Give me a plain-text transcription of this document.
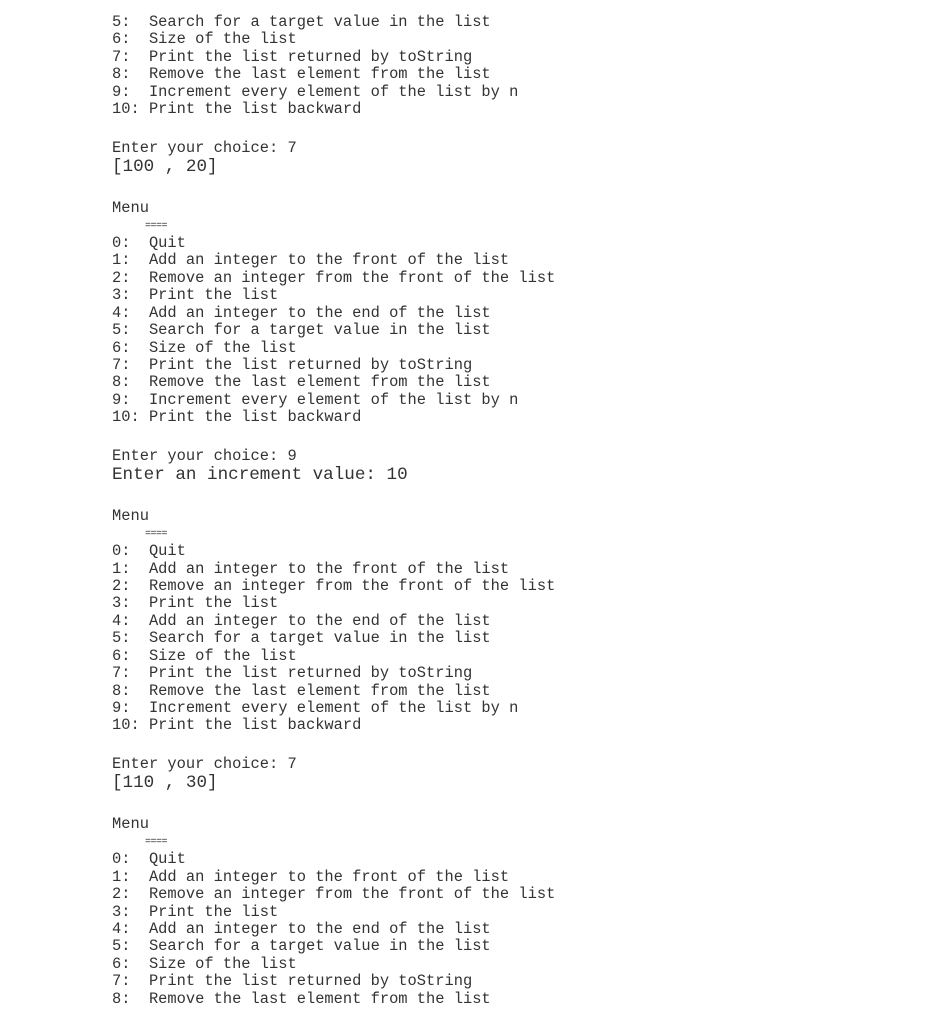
5:  Search for a target value in the list
6:  Size of the list
7:  Print the list returned by toString
8:  Remove the last element from the list
9:  Increment every element of the list by n
10: Print the list backward
Enter your choice: 7
[100 , 20]
Menu
====
0:  Quit
1:  Add an integer to the front of the list
2:  Remove an integer from the front of the list
3:  Print the list
4:  Add an integer to the end of the list
5:  Search for a target value in the list
6:  Size of the list
7:  Print the list returned by toString
8:  Remove the last element from the list
9:  Increment every element of the list by n
10: Print the list backward
Enter your choice: 9
Enter an increment value: 10
Menu
====
0:  Quit
1:  Add an integer to the front of the list
2:  Remove an integer from the front of the list
3:  Print the list
4:  Add an integer to the end of the list
5:  Search for a target value in the list
6:  Size of the list
7:  Print the list returned by toString
8:  Remove the last element from the list
9:  Increment every element of the list by n
10: Print the list backward
Enter your choice: 7
[110 , 30]
Menu
====
0:  Quit
1:  Add an integer to the front of the list
2:  Remove an integer from the front of the list
3:  Print the list
4:  Add an integer to the end of the list
5:  Search for a target value in the list
6:  Size of the list
7:  Print the list returned by toString
8:  Remove the last element from the list
